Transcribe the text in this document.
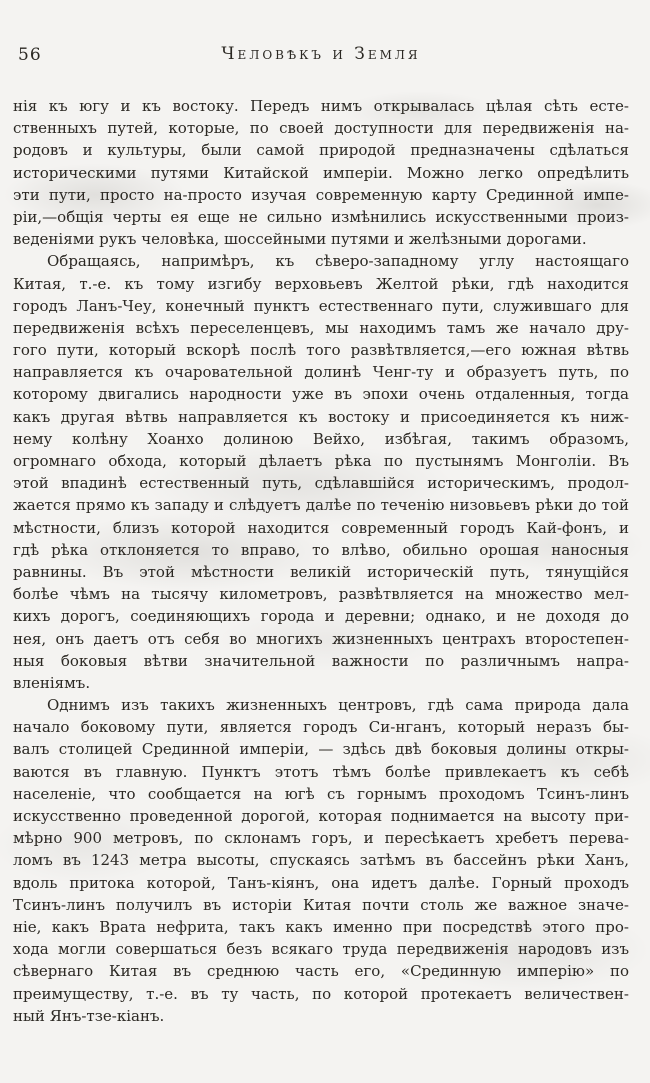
56	Человѣкъ и Земля
нія къ югу и къ востоку. Передъ нимъ открывалась цѣлая сѣть есте-
ственныхъ путей, которые, по своей доступности для передвиженія на-
родовъ и культуры, были самой природой предназначены сдѣлаться
историческими путями Китайской имперіи. Можно легко опредѣлить
эти пути, просто на-просто изучая современную карту Срединной импе-
ріи,—общія черты ея еще не сильно измѣнились искусственными произ-
веденіями рукъ человѣка, шоссейными путями и желѣзными дорогами.
Обращаясь, напримѣръ, къ сѣверо-западному углу настоящаго
Китая, т.-е. къ тому изгибу верховьевъ Желтой рѣки, гдѣ находится
городъ Ланъ-Чеу, конечный пунктъ естественнаго пути, служившаго для
передвиженія всѣхъ переселенцевъ, мы находимъ тамъ же начало дру-
гого пути, который вскорѣ послѣ того развѣтвляется,—его южная вѣтвь
направляется къ очаровательной долинѣ Ченг-ту и образуетъ путь, по
которому двигались народности уже въ эпохи очень отдаленныя, тогда
какъ другая вѣтвь направляется къ востоку и присоединяется къ ниж-
нему колѣну Хоанхо долиною Вейхо, избѣгая, такимъ образомъ,
огромнаго обхода, который дѣлаетъ рѣка по пустынямъ Монголіи. Въ
этой впадинѣ естественный путь, сдѣлавшійся историческимъ, продол-
жается прямо къ западу и слѣдуетъ далѣе по теченію низовьевъ рѣки до той
мѣстности, близъ которой находится современный городъ Кай-фонъ, и
гдѣ рѣка отклоняется то вправо, то влѣво, обильно орошая наносныя
равнины. Въ этой мѣстности великій историческій путь, тянущійся
болѣе чѣмъ на тысячу километровъ, развѣтвляется на множество мел-
кихъ дорогъ, соединяющихъ города и деревни; однако, и не доходя до
нея, онъ даетъ отъ себя во многихъ жизненныхъ центрахъ второстепен-
ныя боковыя вѣтви значительной важности по различнымъ напра-
вленіямъ.
Однимъ изъ такихъ жизненныхъ центровъ, гдѣ сама природа дала
начало боковому пути, является городъ Си-нганъ, который неразъ бы-
валъ столицей Срединной имперіи, — здѣсь двѣ боковыя долины откры-
ваются въ главную. Пунктъ этотъ тѣмъ болѣе привлекаетъ къ себѣ
населеніе, что сообщается на югѣ съ горнымъ проходомъ Тсинъ-линъ
искусственно проведенной дорогой, которая поднимается на высоту при-
мѣрно 900 метровъ, по склонамъ горъ, и пересѣкаетъ хребетъ перева-
ломъ въ 1243 метра высоты, спускаясь затѣмъ въ бассейнъ рѣки Ханъ,
вдоль притока которой, Танъ-кіянъ, она идетъ далѣе. Горный проходъ
Тсинъ-линъ получилъ въ исторіи Китая почти столь же важное значе-
ніе, какъ Врата нефрита, такъ какъ именно при посредствѣ этого про-
хода могли совершаться безъ всякаго труда передвиженія народовъ изъ
сѣвернаго Китая въ среднюю часть его, «Срединную имперію» по
преимуществу, т.-е. въ ту часть, по которой протекаетъ величествен-
ный Янъ-тзе-кіанъ.
